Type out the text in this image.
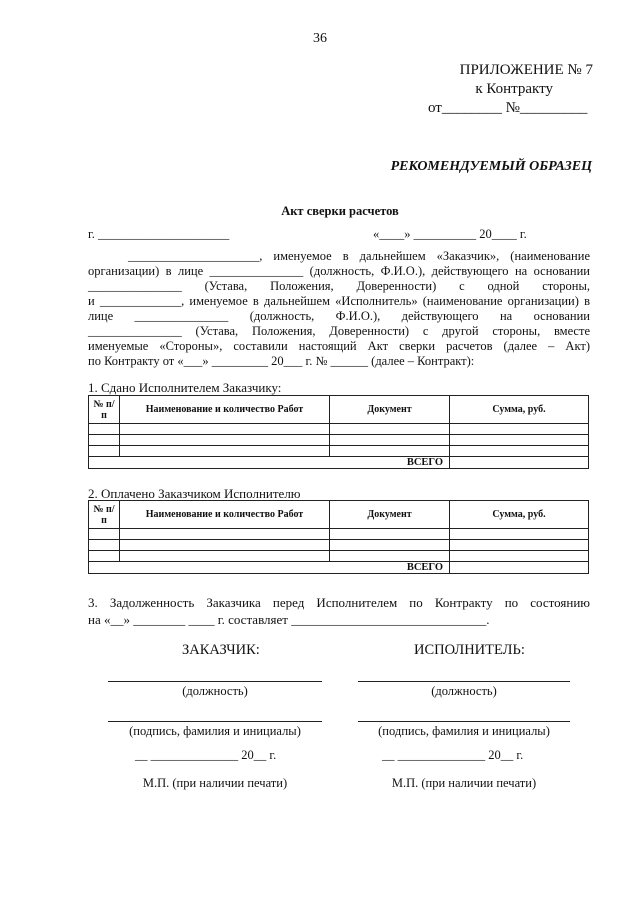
36
ПРИЛОЖЕНИЕ № 7
к Контракту
от________ №_________
РЕКОМЕНДУЕМЫЙ ОБРАЗЕЦ
Акт сверки расчетов
г. _____________________	«____» __________ 20____ г.
_____________________, именуемое в дальнейшем «Заказчик», (наименование
организации) в лице _______________ (должность, Ф.И.О.), действующего на основании
_______________ (Устава, Положения, Доверенности) с одной стороны,
и _____________, именуемое в дальнейшем «Исполнитель» (наименование организации) в
лице _______________ (должность, Ф.И.О.), действующего на основании
_______________ (Устава, Положения, Доверенности) с другой стороны, вместе
именуемые «Стороны», составили настоящий Акт сверки расчетов (далее – Акт)
по Контракту от «___» _________ 20___ г. № ______ (далее – Контракт):
1. Сдано Исполнителем Заказчику:
№ п/п	Наименование и количество Работ	Документ	Сумма, руб.

ВСЕГО			
2. Оплачено Заказчиком Исполнителю
№ п/п	Наименование и количество Работ	Документ	Сумма, руб.

ВСЕГО			
3. Задолженность Заказчика перед Исполнителем по Контракту по состоянию
на «__» ________ ____ г. составляет ______________________________.
ЗАКАЗЧИК:
(должность)
(подпись, фамилия и инициалы)
__ ______________ 20__ г.
М.П. (при наличии печати)
ИСПОЛНИТЕЛЬ:
(должность)
(подпись, фамилия и инициалы)
__ ______________ 20__ г.
М.П. (при наличии печати)
